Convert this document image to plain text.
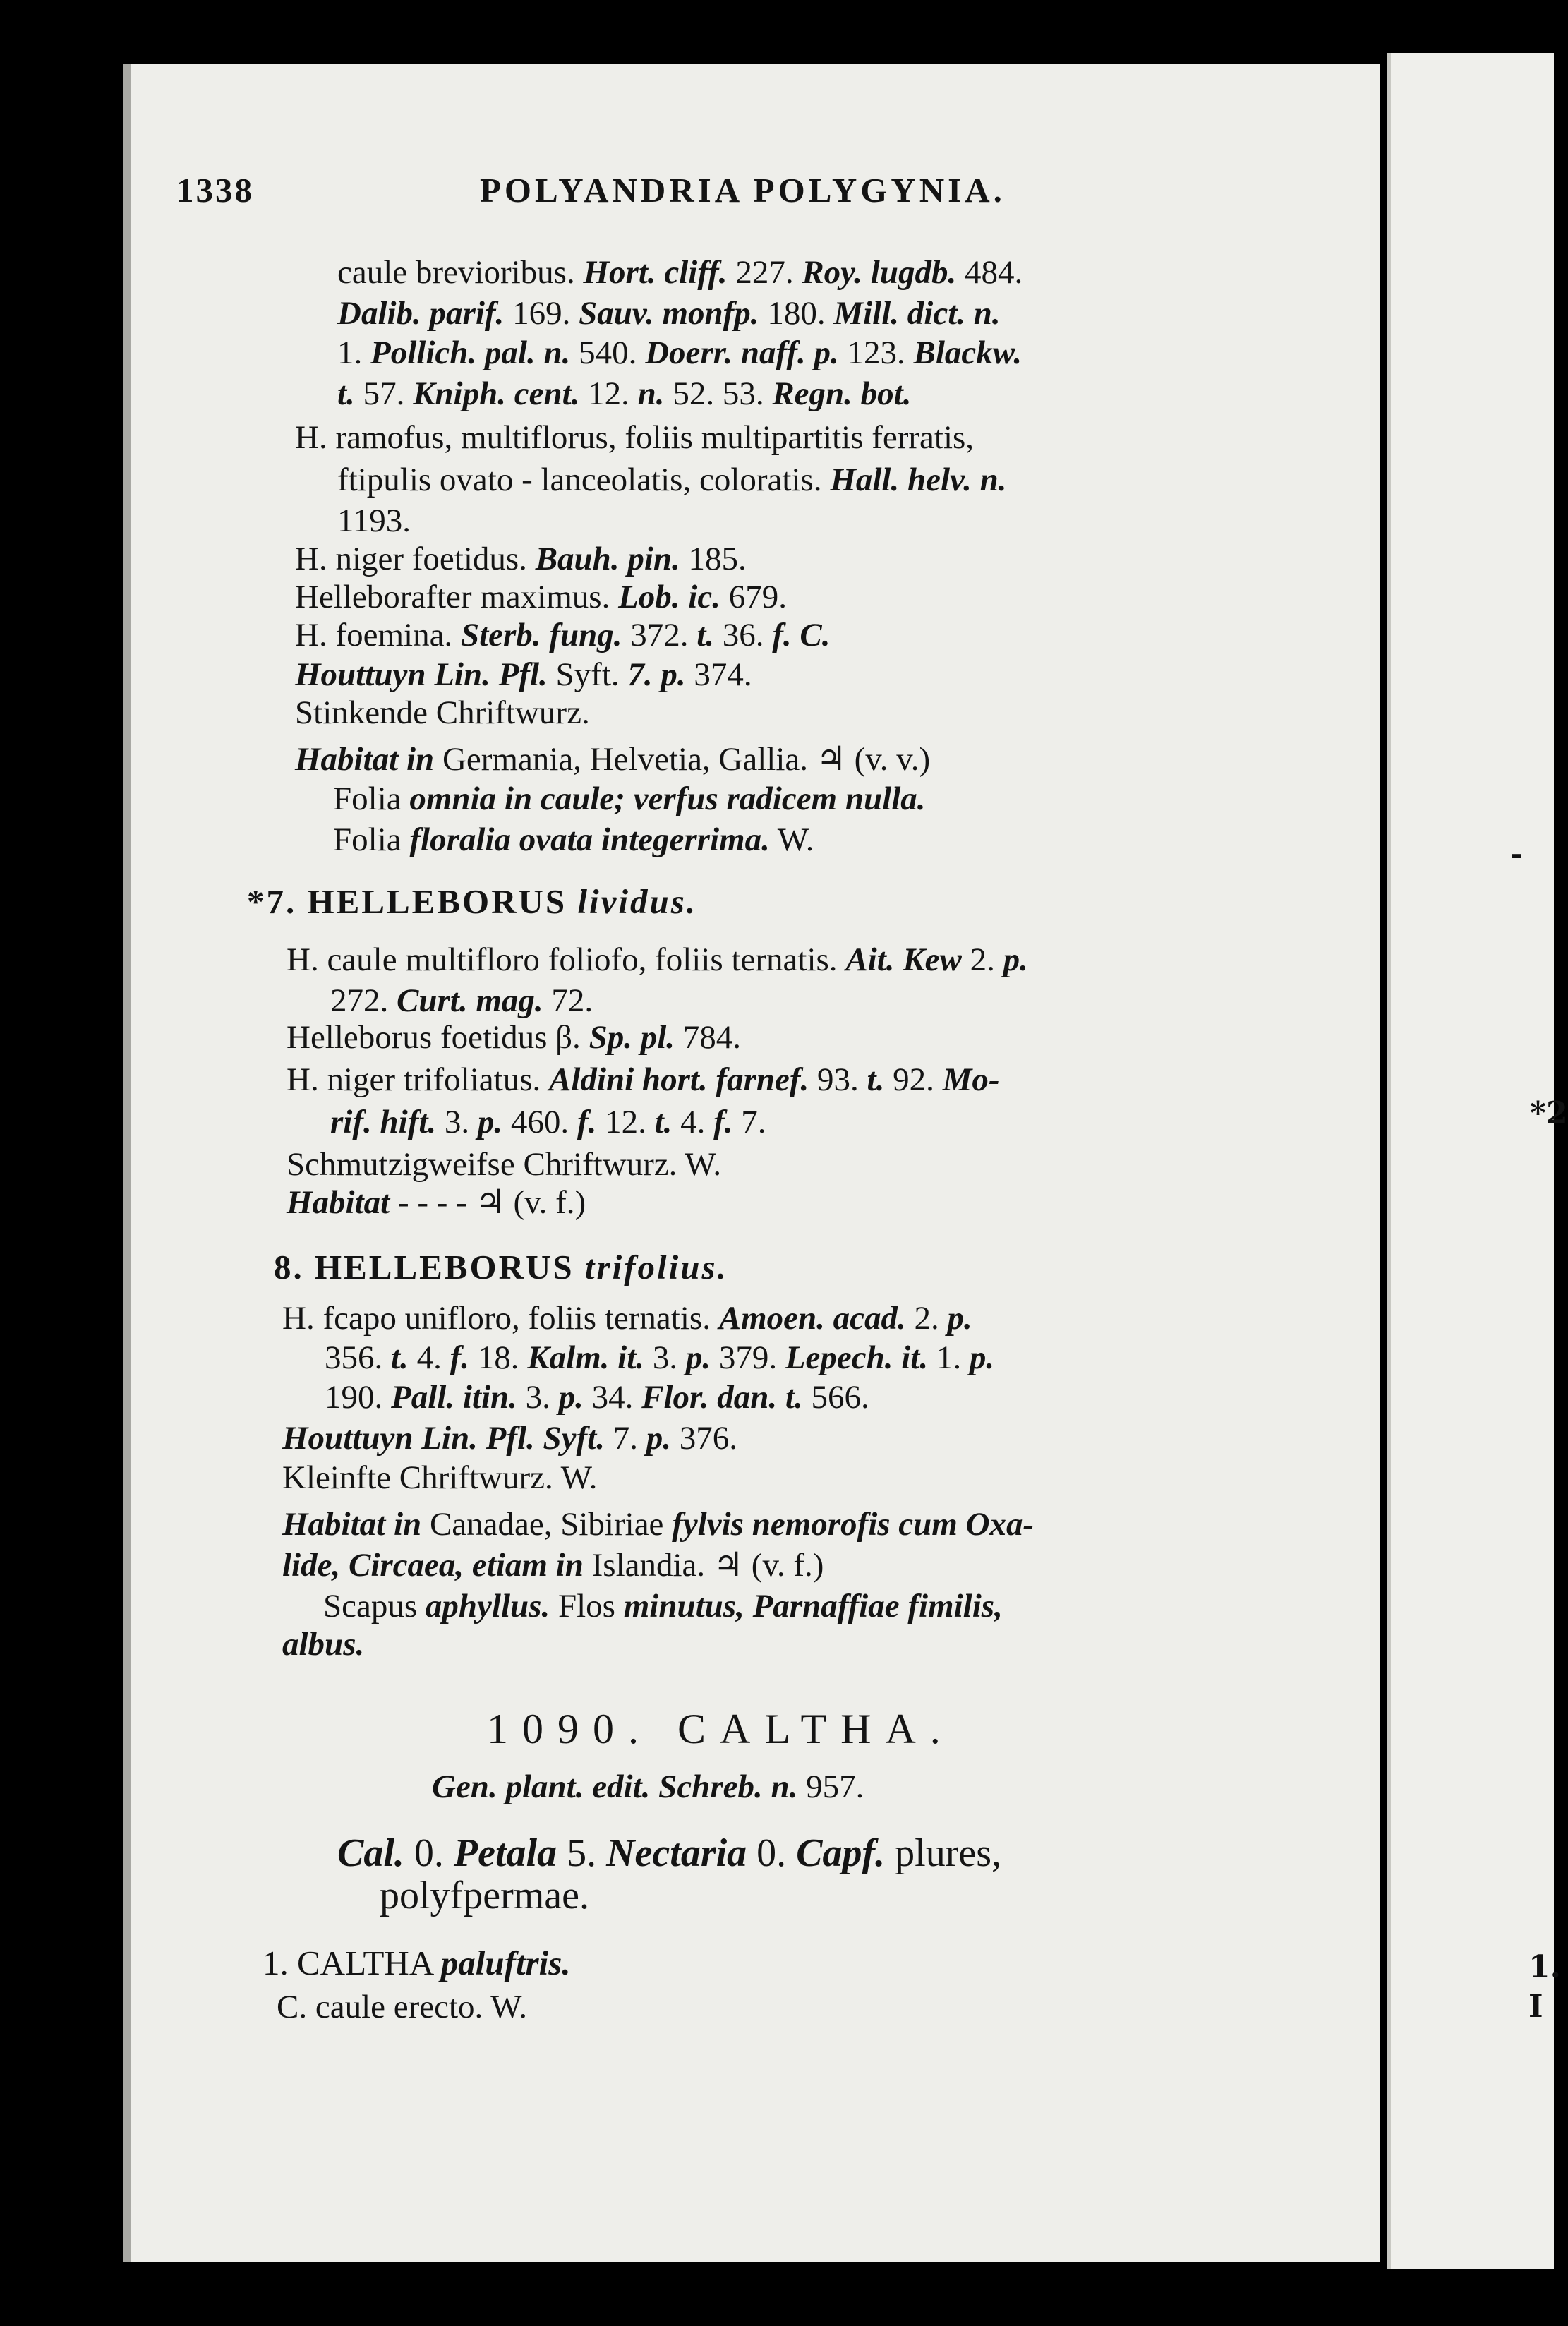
1338	POLYANDRIA POLYGYNIA.
caule brevioribus. Hort. cliff. 227. Roy. lugdb. 484.
Dalib. parif. 169. Sauv. monfp. 180. Mill. dict. n.
1. Pollich. pal. n. 540. Doerr. naff. p. 123. Blackw.
t. 57. Kniph. cent. 12. n. 52. 53. Regn. bot.
H. ramofus, multiflorus, foliis multipartitis ferratis,
ftipulis ovato - lanceolatis, coloratis. Hall. helv. n.
1193.
H. niger foetidus. Bauh. pin. 185.
Helleborafter maximus. Lob. ic. 679.
H. foemina. Sterb. fung. 372. t. 36. f. C.
Houttuyn Lin. Pfl. Syft. 7. p. 374.
Stinkende Chriftwurz.
Habitat in Germania, Helvetia, Gallia. ♃ (v. v.)
Folia omnia in caule; verfus radicem nulla.
Folia floralia ovata integerrima. W.
*7. HELLEBORUS lividus.
H. caule multifloro foliofo, foliis ternatis. Ait. Kew 2. p.
272. Curt. mag. 72.
Helleborus foetidus β. Sp. pl. 784.
H. niger trifoliatus. Aldini hort. farnef. 93. t. 92. Mo-
rif. hift. 3. p. 460. f. 12. t. 4. f. 7.
Schmutzigweifse Chriftwurz. W.
Habitat - - - - ♃ (v. f.)
8. HELLEBORUS trifolius.
H. fcapo unifloro, foliis ternatis. Amoen. acad. 2. p.
356. t. 4. f. 18. Kalm. it. 3. p. 379. Lepech. it. 1. p.
190. Pall. itin. 3. p. 34. Flor. dan. t. 566.
Houttuyn Lin. Pfl. Syft. 7. p. 376.
Kleinfte Chriftwurz. W.
Habitat in Canadae, Sibiriae fylvis nemorofis cum Oxa-
lide, Circaea, etiam in Islandia. ♃ (v. f.)
Scapus aphyllus. Flos minutus, Parnaffiae fimilis,
albus.
1090. CALTHA.
Gen. plant. edit. Schreb. n. 957.
Cal. 0. Petala 5. Nectaria 0. Capf. plures,
polyfpermae.
1. CALTHA paluftris.
C. caule erecto. W.
-
*2
1.
I
